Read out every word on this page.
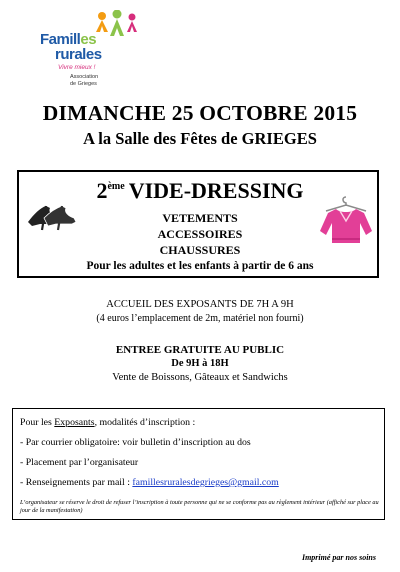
Familles
rurales
Vivre mieux !
Association
de Grieges
DIMANCHE 25 OCTOBRE 2015
A la Salle des Fêtes de GRIEGES
2ème VIDE-DRESSING
VETEMENTS
ACCESSOIRES
CHAUSSURES
Pour les adultes et les enfants à partir de 6 ans
ACCUEIL DES EXPOSANTS DE 7H A 9H
(4 euros l’emplacement de 2m, matériel non fourni)
ENTREE GRATUITE AU PUBLIC
De 9H à 18H
Vente de Boissons, Gâteaux et Sandwichs
Pour les Exposants, modalités d’inscription :
- Par courrier obligatoire: voir bulletin d’inscription au dos
- Placement par l’organisateur
- Renseignements par mail : famillesruralesdegrieges@gmail.com
L’organisateur se réserve le droit de refuser l’inscription à toute personne qui ne se conforme pas au règlement intérieur (affiché sur place au jour de la manifestation)
Imprimé par nos soins
